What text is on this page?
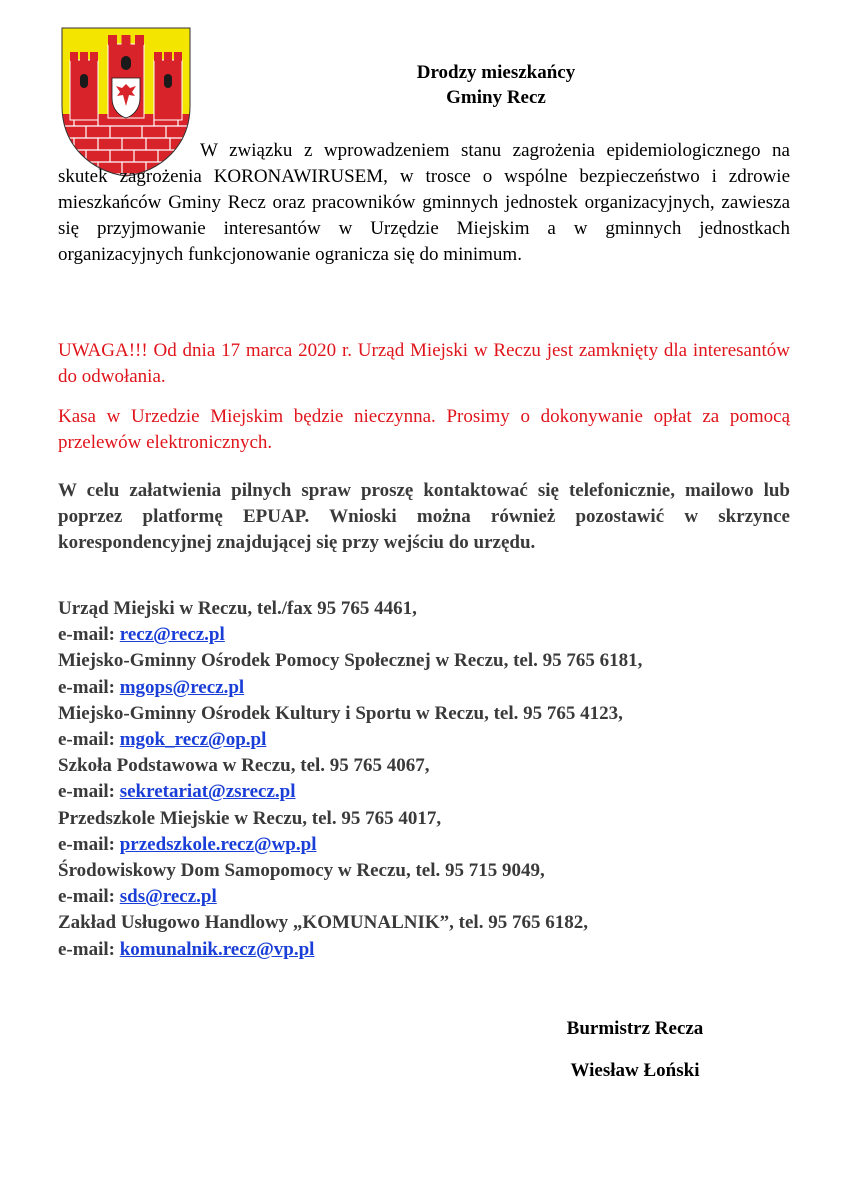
Drodzy mieszkańcy
Gminy Recz

W związku z wprowadzeniem stanu zagrożenia epidemiologicznego na skutek zagrożenia KORONAWIRUSEM, w trosce o wspólne bezpieczeństwo i zdrowie mieszkańców Gminy Recz oraz pracowników gminnych jednostek organizacyjnych, zawiesza się przyjmowanie interesantów w Urzędzie Miejskim a w gminnych jednostkach organizacyjnych funkcjonowanie ogranicza się do minimum.

UWAGA!!! Od dnia 17 marca 2020 r. Urząd Miejski w Reczu jest zamknięty dla interesantów do odwołania.

Kasa w Urzedzie Miejskim będzie nieczynna. Prosimy o dokonywanie opłat za pomocą przelewów elektronicznych.

W celu załatwienia pilnych spraw proszę kontaktować się telefonicznie, mailowo lub poprzez platformę EPUAP. Wnioski można również pozostawić w skrzynce korespondencyjnej znajdującej się przy wejściu do urzędu.

Urząd Miejski w Reczu, tel./fax 95 765 4461,
e-mail: recz@recz.pl
Miejsko-Gminny Ośrodek Pomocy Społecznej w Reczu, tel. 95 765 6181,
e-mail: mgops@recz.pl
Miejsko-Gminny Ośrodek Kultury i Sportu w Reczu, tel. 95 765 4123,
e-mail: mgok_recz@op.pl
Szkoła Podstawowa w Reczu, tel. 95 765 4067,
e-mail: sekretariat@zsrecz.pl
Przedszkole Miejskie w Reczu, tel. 95 765 4017,
e-mail: przedszkole.recz@wp.pl
Środowiskowy Dom Samopomocy w Reczu, tel. 95 715 9049,
e-mail: sds@recz.pl
Zakład Usługowo Handlowy „KOMUNALNIK”, tel. 95 765 6182,
e-mail: komunalnik.recz@vp.pl
Burmistrz Recza
Wiesław Łoński
